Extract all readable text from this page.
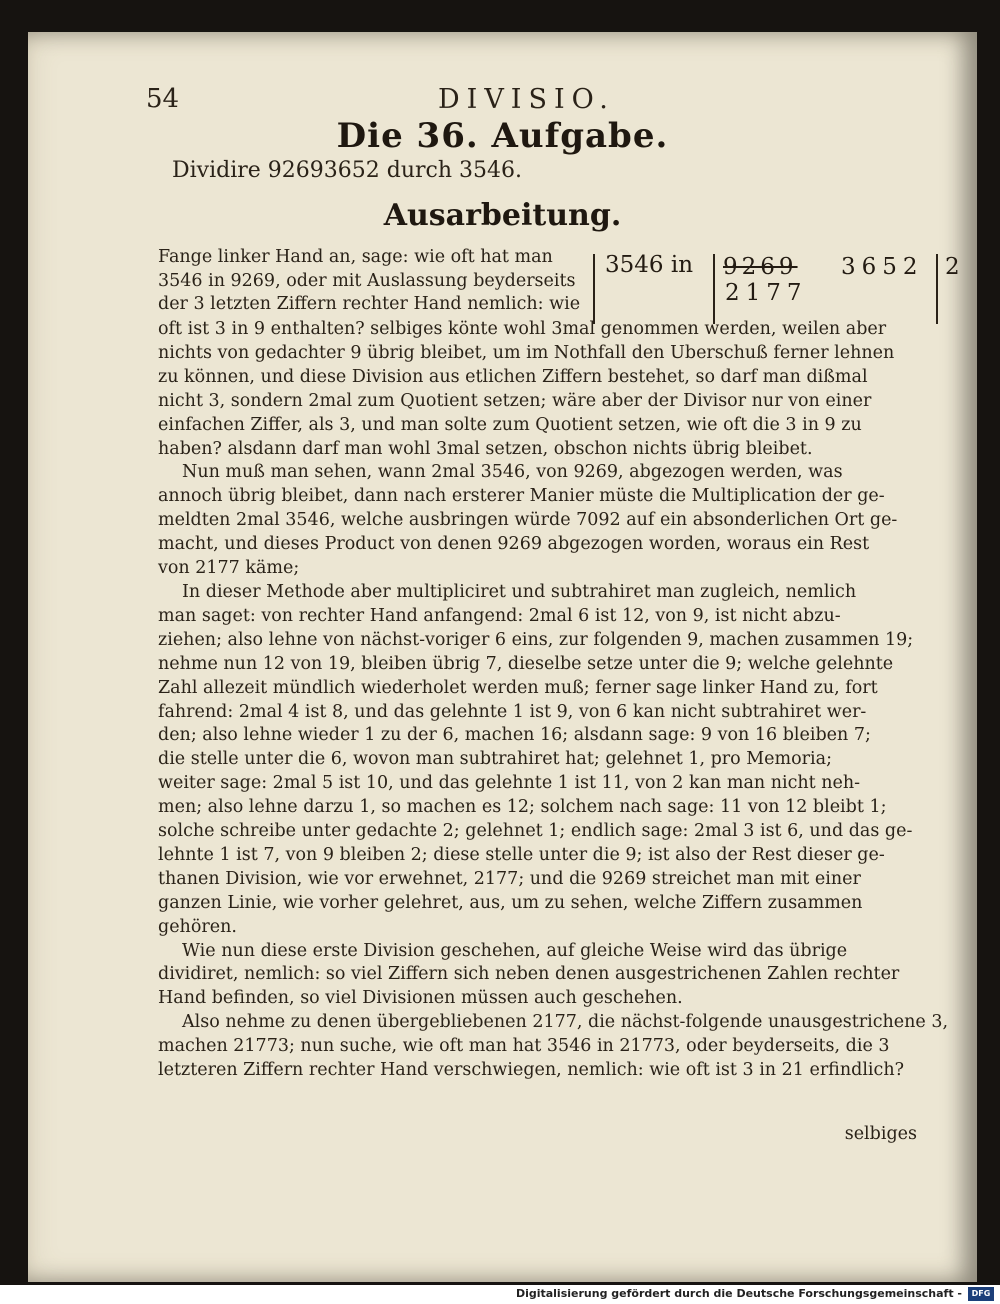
54	DIVISIO.
Die 36. Aufgabe.
Dividire 92693652 durch 3546.
Ausarbeitung.
Fange linker Hand an, sage: wie oft hat man
3546 in 9269, oder mit Auslassung beyderseits
der 3 letzten Ziffern rechter Hand nemlich: wie
3546 in 9269 3652
2177
2
oft ist 3 in 9 enthalten? selbiges könte wohl 3mal genommen werden, weilen aber
nichts von gedachter 9 übrig bleibet, um im Nothfall den Uberschuß ferner lehnen
zu können, und diese Division aus etlichen Ziffern bestehet, so darf man dißmal
nicht 3, sondern 2mal zum Quotient setzen; wäre aber der Divisor nur von einer
einfachen Ziffer, als 3, und man solte zum Quotient setzen, wie oft die 3 in 9 zu
haben? alsdann darf man wohl 3mal setzen, obschon nichts übrig bleibet.
Nun muß man sehen, wann 2mal 3546, von 9269, abgezogen werden, was
annoch übrig bleibet, dann nach ersterer Manier müste die Multiplication der ge-
meldten 2mal 3546, welche ausbringen würde 7092 auf ein absonderlichen Ort ge-
macht, und dieses Product von denen 9269 abgezogen worden, woraus ein Rest
von 2177 käme;
In dieser Methode aber multipliciret und subtrahiret man zugleich, nemlich
man saget: von rechter Hand anfangend: 2mal 6 ist 12, von 9, ist nicht abzu-
ziehen; also lehne von nächst-voriger 6 eins, zur folgenden 9, machen zusammen 19;
nehme nun 12 von 19, bleiben übrig 7, dieselbe setze unter die 9; welche gelehnte
Zahl allezeit mündlich wiederholet werden muß; ferner sage linker Hand zu, fort
fahrend: 2mal 4 ist 8, und das gelehnte 1 ist 9, von 6 kan nicht subtrahiret wer-
den; also lehne wieder 1 zu der 6, machen 16; alsdann sage: 9 von 16 bleiben 7;
die stelle unter die 6, wovon man subtrahiret hat; gelehnet 1, pro Memoria;
weiter sage: 2mal 5 ist 10, und das gelehnte 1 ist 11, von 2 kan man nicht neh-
men; also lehne darzu 1, so machen es 12; solchem nach sage: 11 von 12 bleibt 1;
solche schreibe unter gedachte 2; gelehnet 1; endlich sage: 2mal 3 ist 6, und das ge-
lehnte 1 ist 7, von 9 bleiben 2; diese stelle unter die 9; ist also der Rest dieser ge-
thanen Division, wie vor erwehnet, 2177; und die 9269 streichet man mit einer
ganzen Linie, wie vorher gelehret, aus, um zu sehen, welche Ziffern zusammen
gehören.
Wie nun diese erste Division geschehen, auf gleiche Weise wird das übrige
dividiret, nemlich: so viel Ziffern sich neben denen ausgestrichenen Zahlen rechter
Hand befinden, so viel Divisionen müssen auch geschehen.
Also nehme zu denen übergebliebenen 2177, die nächst-folgende unausgestrichene 3,
machen 21773; nun suche, wie oft man hat 3546 in 21773, oder beyderseits, die 3
letzteren Ziffern rechter Hand verschwiegen, nemlich: wie oft ist 3 in 21 erfindlich?
selbiges
Digitalisierung gefördert durch die Deutsche Forschungsgemeinschaft -	DFG
